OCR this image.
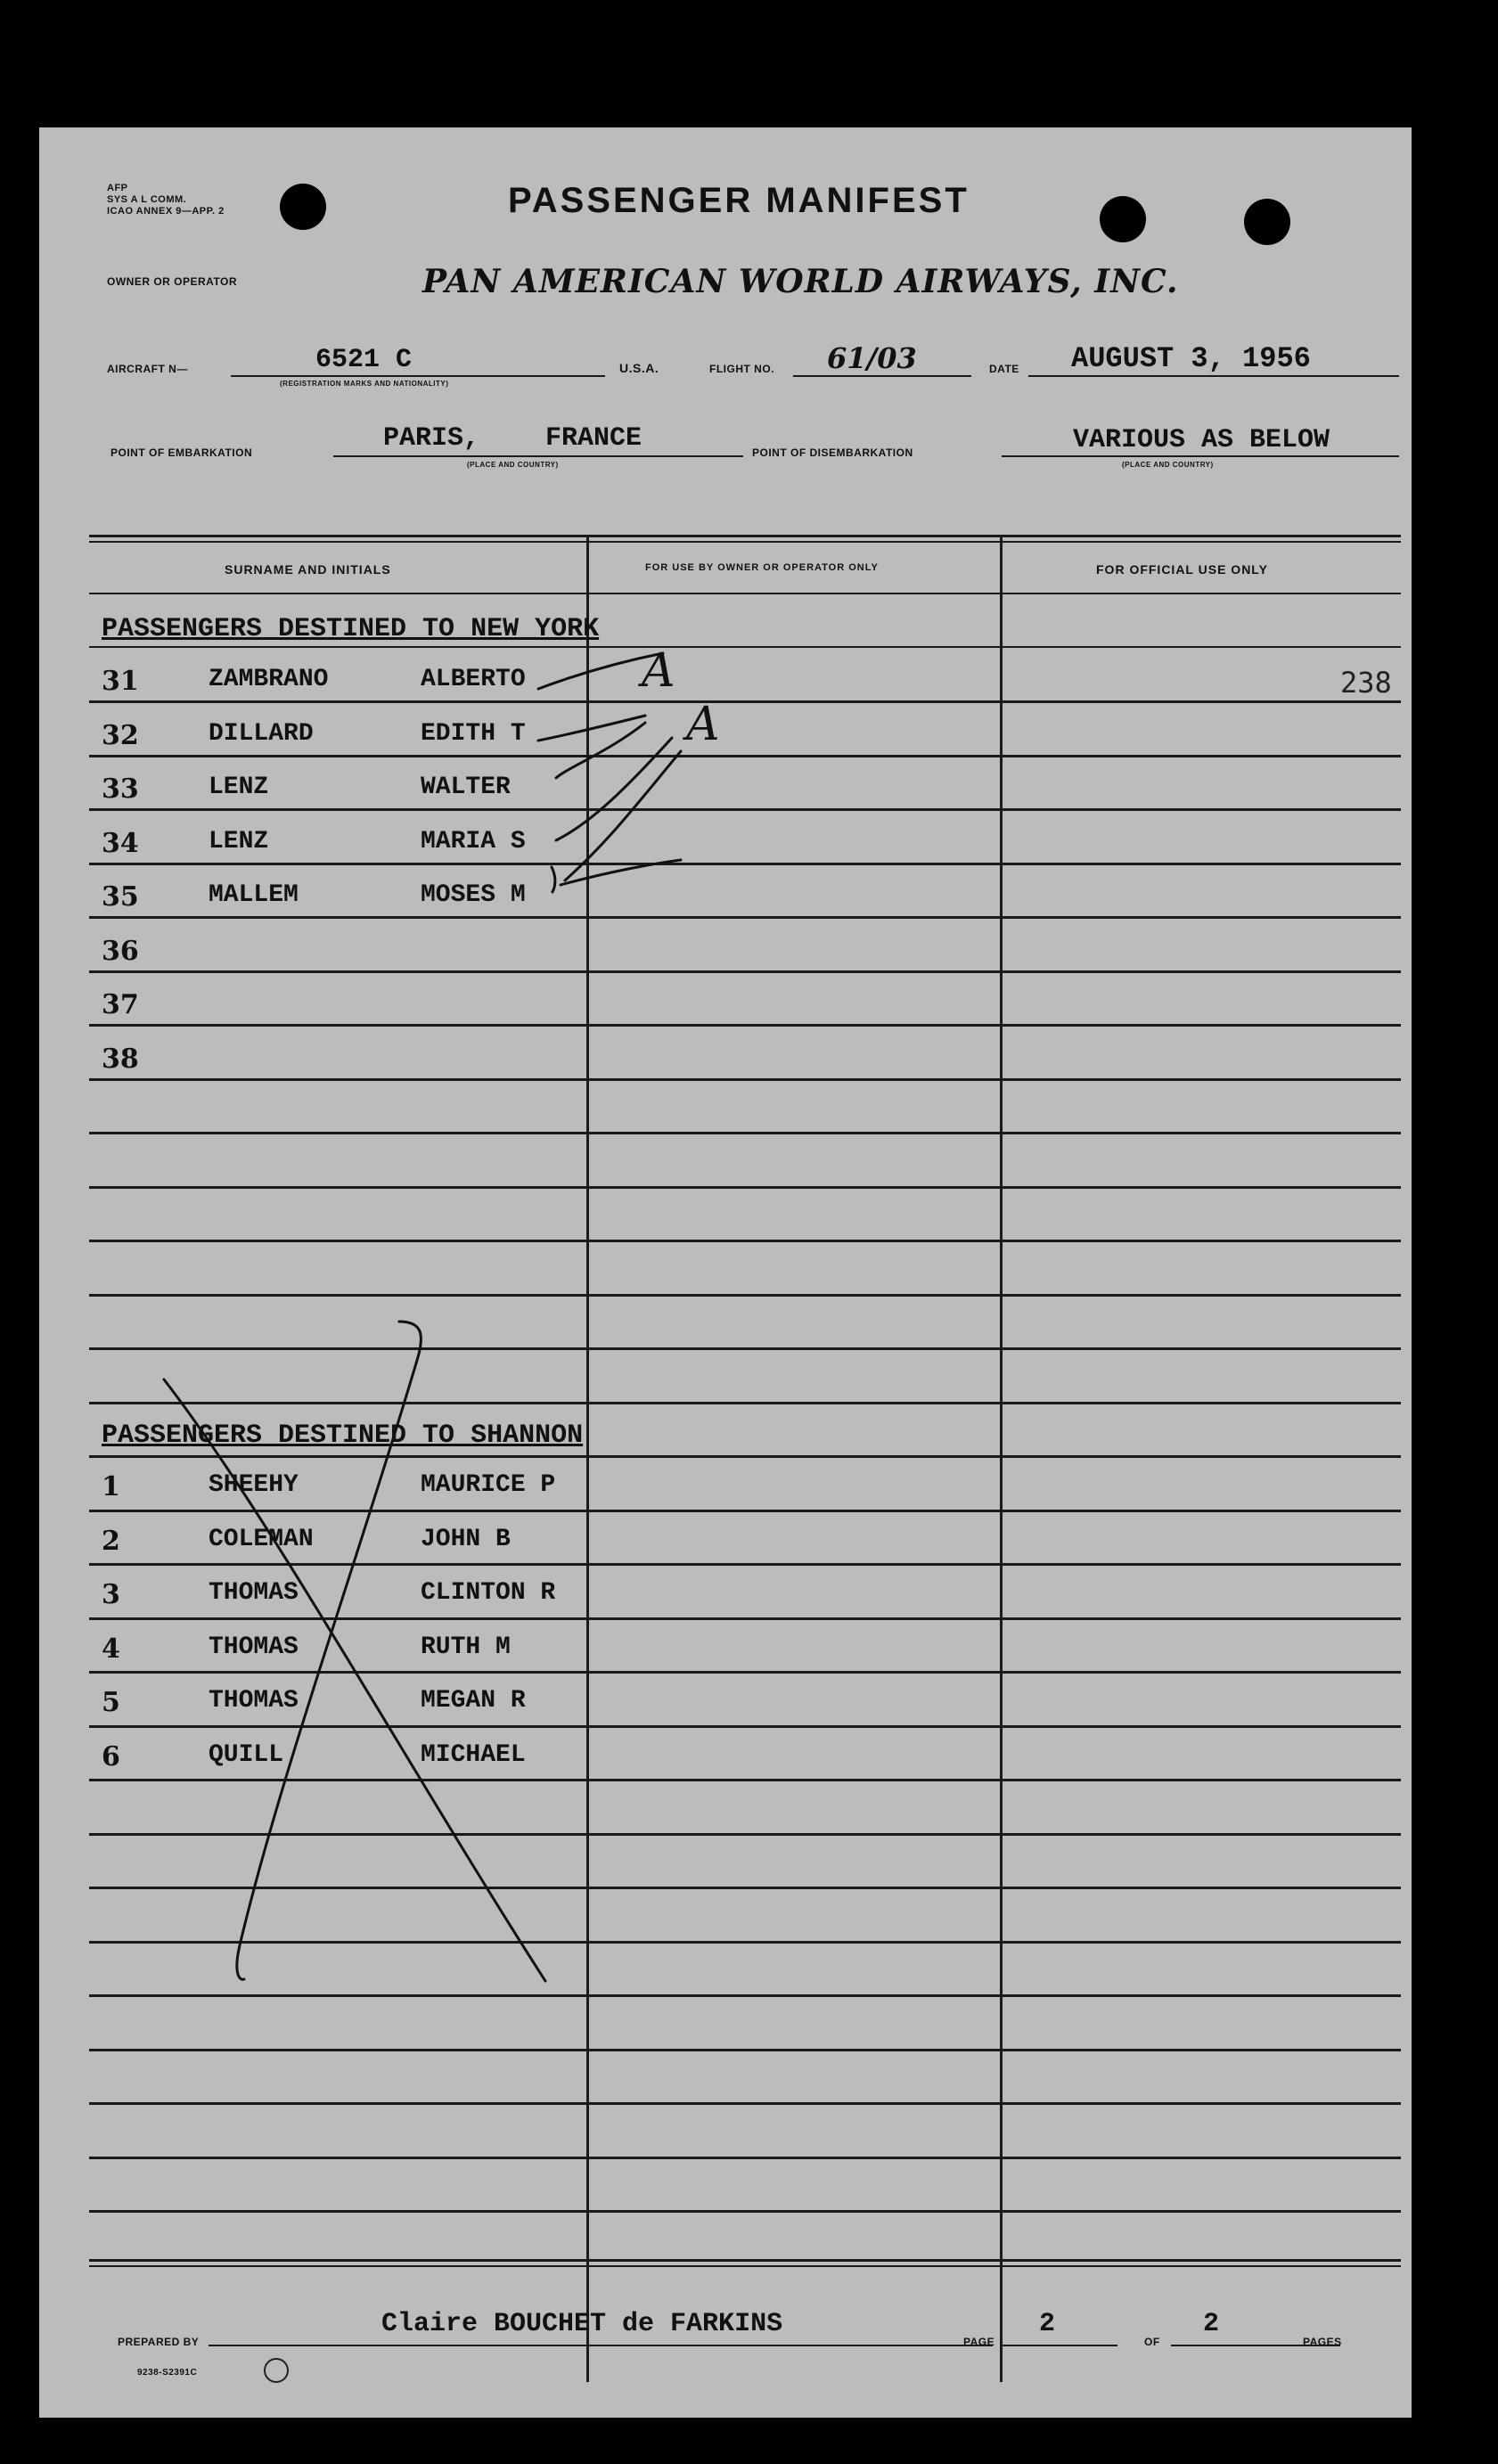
AFP
SYS A L COMM.
ICAO ANNEX 9—APP. 2	PASSENGER MANIFEST
OWNER OR OPERATOR	PAN AMERICAN WORLD AIRWAYS, INC.
AIRCRAFT N—	6521 C
(REGISTRATION MARKS AND NATIONALITY)
U.S.A.	FLIGHT NO. 61/03	DATE AUGUST 3, 1956
POINT OF EMBARKATION	PARIS, FRANCE
(PLACE AND COUNTRY)
POINT OF DISEMBARKATION	VARIOUS AS BELOW
(PLACE AND COUNTRY)
SURNAME AND INITIALS	FOR USE BY OWNER OR OPERATOR ONLY	FOR OFFICIAL USE ONLY
PASSENGERS DESTINED TO NEW YORK
31	ZAMBRANO	ALBERTO	238
32	DILLARD	EDITH T
33	LENZ	WALTER
34	LENZ	MARIA S
35	MALLEM	MOSES M
36
37
38
PASSENGERS DESTINED TO SHANNON
1	SHEEHY	MAURICE P
2	COLEMAN	JOHN B
3	THOMAS	CLINTON R
4	THOMAS	RUTH M
5	THOMAS	MEGAN R
6	QUILL	MICHAEL
A
A
PREPARED BY
Claire BOUCHET de FARKINS
PAGE
2
OF
2
PAGES
9238-S2391C
